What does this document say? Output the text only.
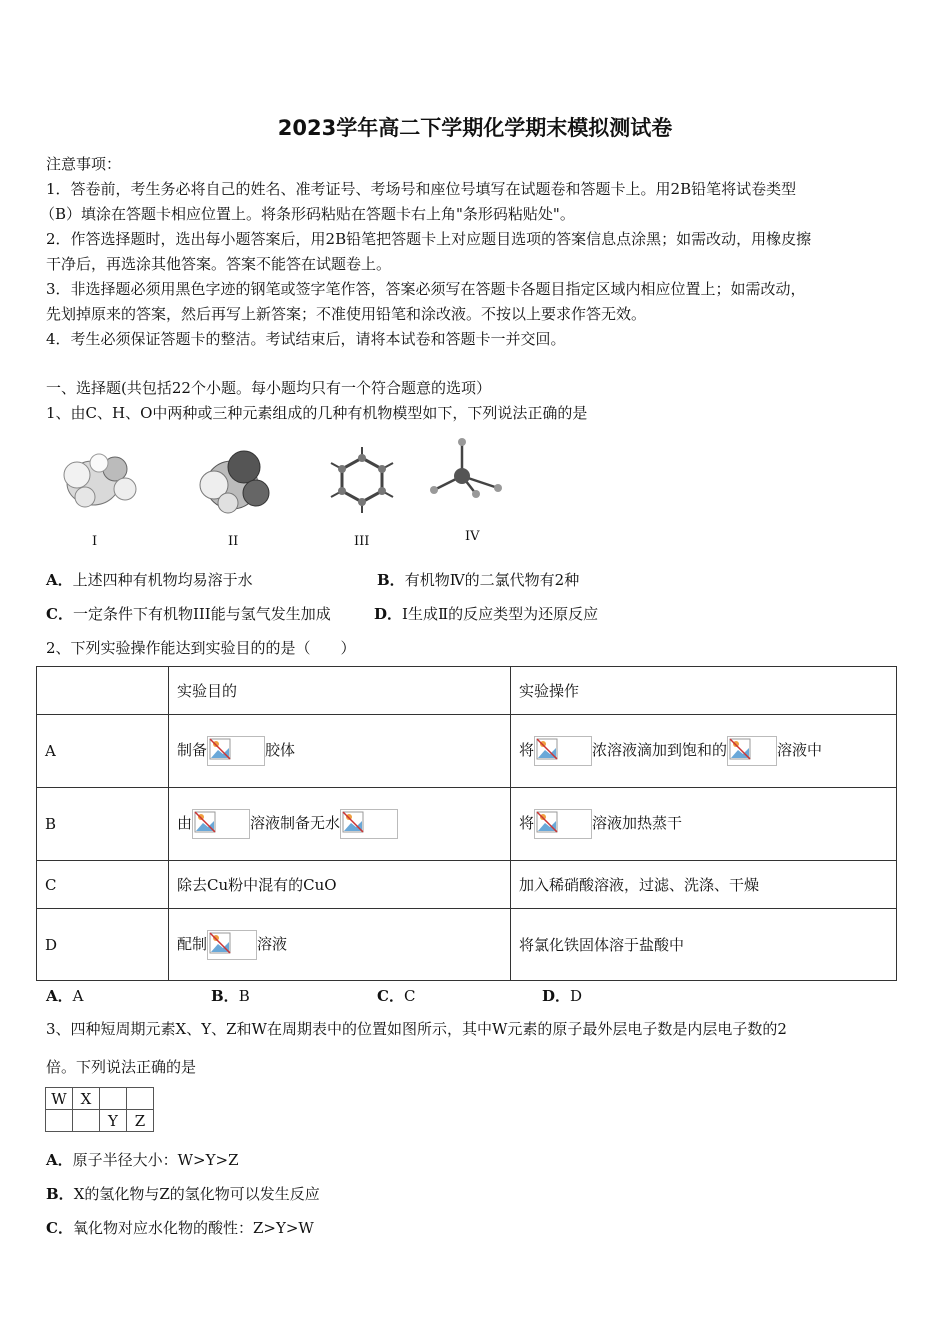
2023学年高二下学期化学期末模拟测试卷
注意事项：
1．答卷前，考生务必将自己的姓名、准考证号、考场号和座位号填写在试题卷和答题卡上。用2B铅笔将试卷类型
（B）填涂在答题卡相应位置上。将条形码粘贴在答题卡右上角"条形码粘贴处"。
2．作答选择题时，选出每小题答案后，用2B铅笔把答题卡上对应题目选项的答案信息点涂黑；如需改动，用橡皮擦
干净后，再选涂其他答案。答案不能答在试题卷上。
3．非选择题必须用黑色字迹的钢笔或签字笔作答，答案必须写在答题卡各题目指定区域内相应位置上；如需改动，
先划掉原来的答案，然后再写上新答案；不准使用铅笔和涂改液。不按以上要求作答无效。
4．考生必须保证答题卡的整洁。考试结束后，请将本试卷和答题卡一并交回。
一、选择题(共包括22个小题。每小题均只有一个符合题意的选项）
1、由C、H、O中两种或三种元素组成的几种有机物模型如下，下列说法正确的是
I	II	III	IV
A．上述四种有机物均易溶于水	B．有机物Ⅳ的二氯代物有2种
C．一定条件下有机物III能与氢气发生加成	D．I生成Ⅱ的反应类型为还原反应
2、下列实验操作能达到实验目的的是（　　）
	实验目的	实验操作
A	制备 胶体	将 浓溶液滴加到饱和的 溶液中
B	由 溶液制备无水	将 溶液加热蒸干
C	除去Cu粉中混有的CuO	加入稀硝酸溶液，过滤、洗涤、干燥
D	配制 溶液	将氯化铁固体溶于盐酸中
A．A	B．B	C．C	D．D
3、四种短周期元素X、Y、Z和W在周期表中的位置如图所示，其中W元素的原子最外层电子数是内层电子数的2
倍。下列说法正确的是
W	X		
		Y	Z
A．原子半径大小：W>Y>Z
B．X的氢化物与Z的氢化物可以发生反应
C．氧化物对应水化物的酸性：Z>Y>W
